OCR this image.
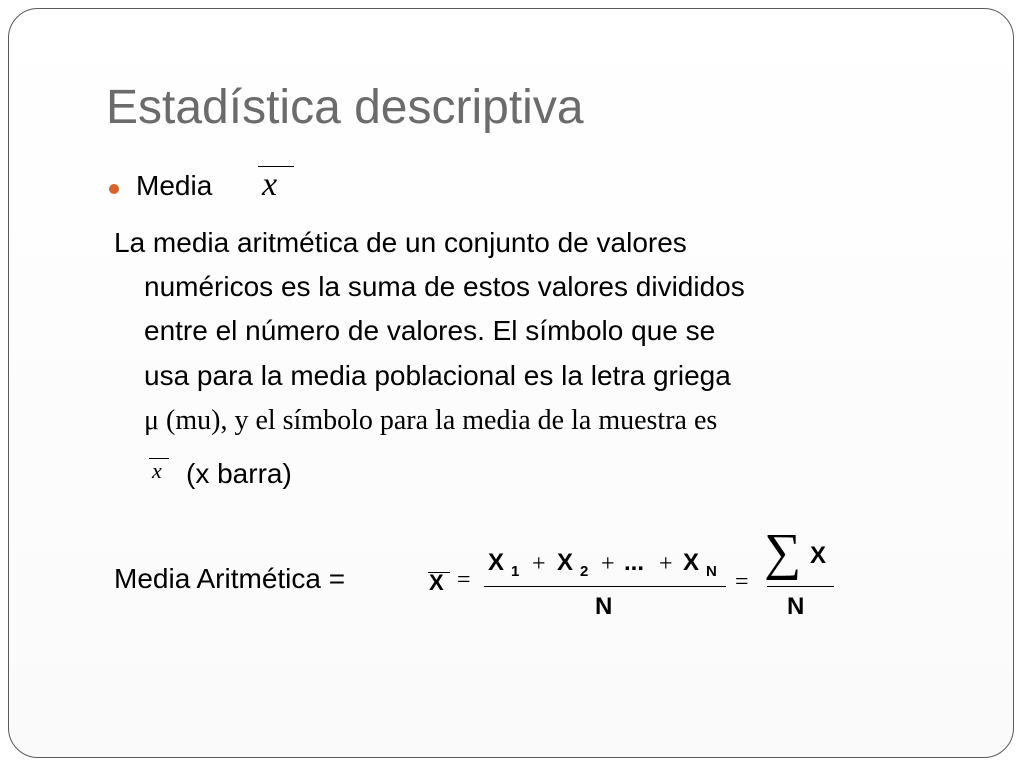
Estadística descriptiva
Media x
La media aritmética de un conjunto de valores
numéricos es la suma de estos valores divididos
entre el número de valores. El símbolo que se
usa para la media poblacional es la letra griega
μ (mu), y el símbolo para la media de la muestra es
x (x barra)
Media Aritmética =	X =
X 1 + X 2 + ... + X N
N
=
∑ X
N
